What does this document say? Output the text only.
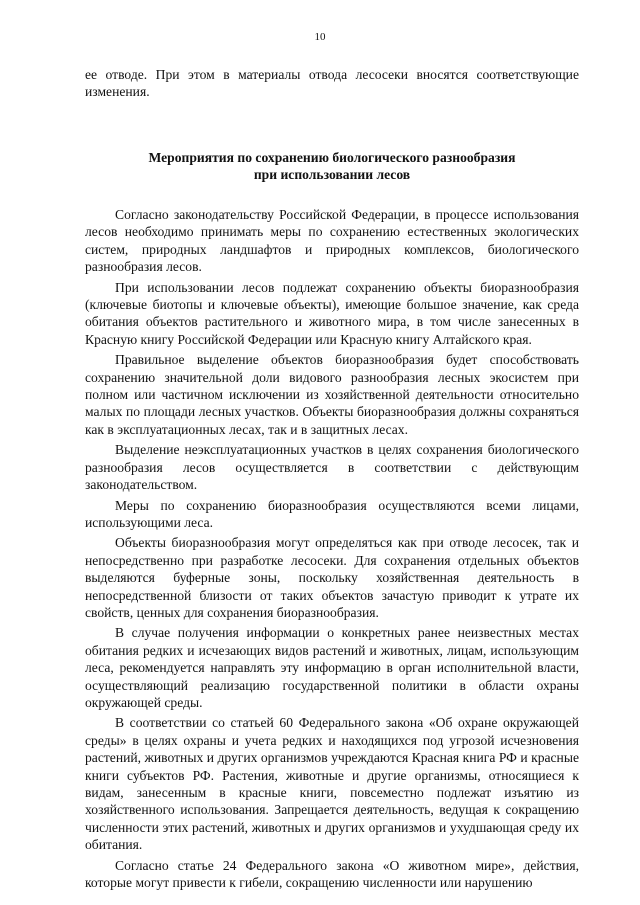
10

ее отводе. При этом в материалы отвода лесосеки вносятся соответствующие изменения.

Мероприятия по сохранению биологического разнообразия
при использовании лесов

Согласно законодательству Российской Федерации, в процессе использования лесов необходимо принимать меры по сохранению естественных экологических систем, природных ландшафтов и природных комплексов, биологического разнообразия лесов.

При использовании лесов подлежат сохранению объекты биоразнообразия (ключевые биотопы и ключевые объекты), имеющие большое значение, как среда обитания объектов растительного и животного мира, в том числе занесенных в Красную книгу Российской Федерации или Красную книгу Алтайского края.

Правильное выделение объектов биоразнообразия будет способствовать сохранению значительной доли видового разнообразия лесных экосистем при полном или частичном исключении из хозяйственной деятельности относительно малых по площади лесных участков. Объекты биоразнообразия должны сохраняться как в эксплуатационных лесах, так и в защитных лесах.

Выделение неэксплуатационных участков в целях сохранения биологического разнообразия лесов осуществляется в соответствии с действующим законодательством.

Меры по сохранению биоразнообразия осуществляются всеми лицами, использующими леса.

Объекты биоразнообразия могут определяться как при отводе лесосек, так и непосредственно при разработке лесосеки. Для сохранения отдельных объектов выделяются буферные зоны, поскольку хозяйственная деятельность в непосредственной близости от таких объектов зачастую приводит к утрате их свойств, ценных для сохранения биоразнообразия.

В случае получения информации о конкретных ранее неизвестных местах обитания редких и исчезающих видов растений и животных, лицам, использующим леса, рекомендуется направлять эту информацию в орган исполнительной власти, осуществляющий реализацию государственной политики в области охраны окружающей среды.

В соответствии со статьей 60 Федерального закона «Об охране окружающей среды» в целях охраны и учета редких и находящихся под угрозой исчезновения растений, животных и других организмов учреждаются Красная книга РФ и красные книги субъектов РФ. Растения, животные и другие организмы, относящиеся к видам, занесенным в красные книги, повсеместно подлежат изъятию из хозяйственного использования. Запрещается деятельность, ведущая к сокращению численности этих растений, животных и других организмов и ухудшающая среду их обитания.

Согласно статье 24 Федерального закона «О животном мире», действия, которые могут привести к гибели, сокращению численности или нарушению
